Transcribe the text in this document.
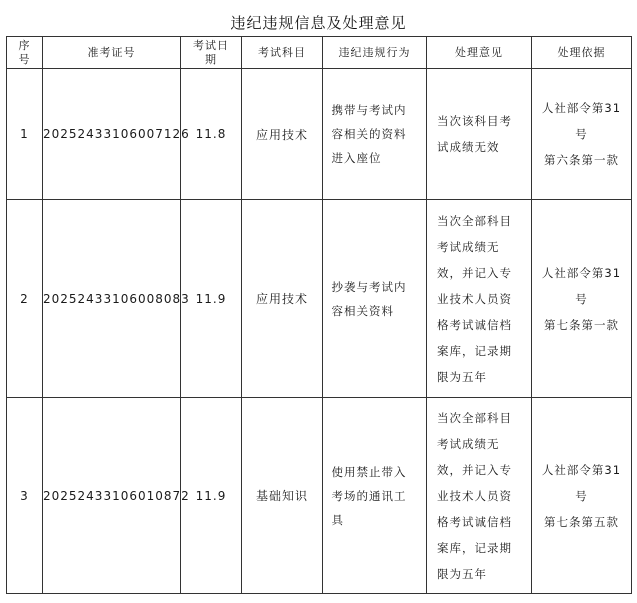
违纪违规信息及处理意见
序号	准考证号	考试日期	考试科目	违纪违规行为	处理意见	处理依据
1	20252433106007126	11.8	应用技术	携带与考试内容相关的资料进入座位	当次该科目考试成绩无效	人社部令第31号
第六条第一款
2	20252433106008083	11.9	应用技术	抄袭与考试内容相关资料	当次全部科目考试成绩无效，并记入专业技术人员资格考试诚信档案库，记录期限为五年	人社部令第31号
第七条第一款
3	20252433106010872	11.9	基础知识	使用禁止带入考场的通讯工具	当次全部科目考试成绩无效，并记入专业技术人员资格考试诚信档案库，记录期限为五年	人社部令第31号
第七条第五款
